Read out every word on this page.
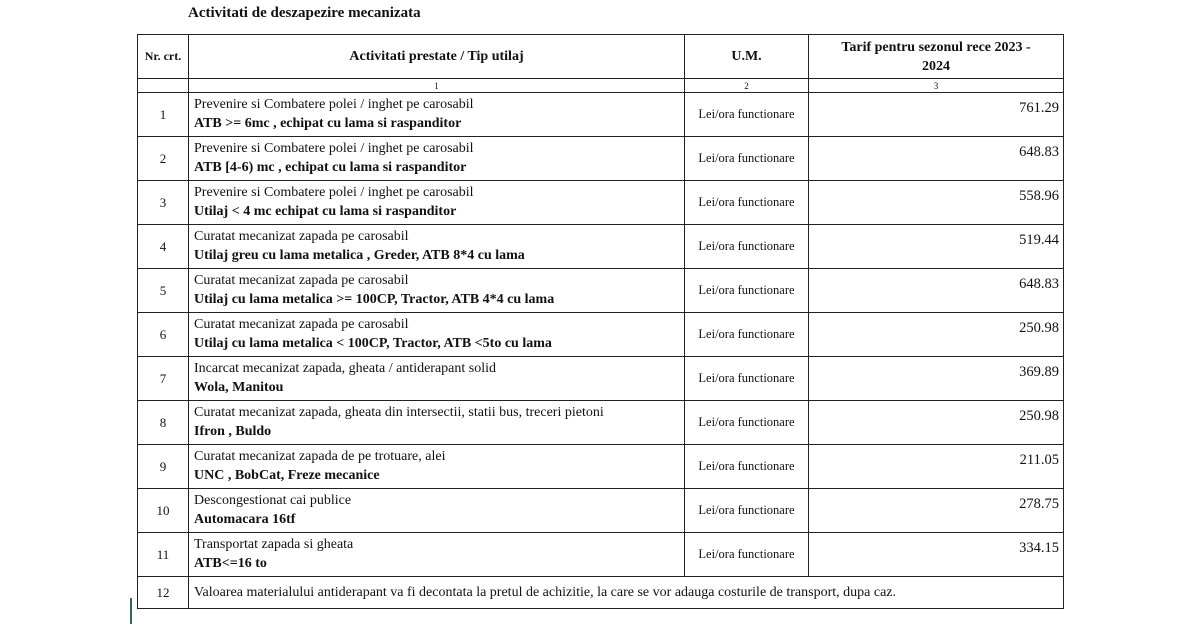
Activitati de deszapezire mecanizata
Nr. crt.	Activitati prestate / Tip utilaj	U.M.	Tarif pentru sezonul rece 2023 -
2024
	1	2	3
1	Prevenire si Combatere polei / inghet pe carosabil
ATB >= 6mc , echipat cu lama si raspanditor	Lei/ora functionare	761.29
2	Prevenire si Combatere polei / inghet pe carosabil
ATB [4-6) mc , echipat cu lama si raspanditor	Lei/ora functionare	648.83
3	Prevenire si Combatere polei / inghet pe carosabil
Utilaj < 4 mc echipat cu lama si raspanditor	Lei/ora functionare	558.96
4	Curatat mecanizat zapada pe carosabil
Utilaj greu cu lama metalica , Greder, ATB 8*4 cu lama	Lei/ora functionare	519.44
5	Curatat mecanizat zapada pe carosabil
Utilaj cu lama metalica >= 100CP, Tractor, ATB 4*4 cu lama	Lei/ora functionare	648.83
6	Curatat mecanizat zapada pe carosabil
Utilaj cu lama metalica < 100CP, Tractor, ATB <5to cu lama	Lei/ora functionare	250.98
7	Incarcat mecanizat zapada, gheata / antiderapant solid
Wola, Manitou	Lei/ora functionare	369.89
8	Curatat mecanizat zapada, gheata din intersectii, statii bus, treceri pietoni
Ifron , Buldo	Lei/ora functionare	250.98
9	Curatat mecanizat zapada de pe trotuare, alei
UNC , BobCat, Freze mecanice	Lei/ora functionare	211.05
10	Descongestionat cai publice
Automacara 16tf	Lei/ora functionare	278.75
11	Transportat zapada si gheata
ATB<=16 to	Lei/ora functionare	334.15
12	Valoarea materialului antiderapant va fi decontata la pretul de achizitie, la care se vor adauga costurile de transport, dupa caz.		
